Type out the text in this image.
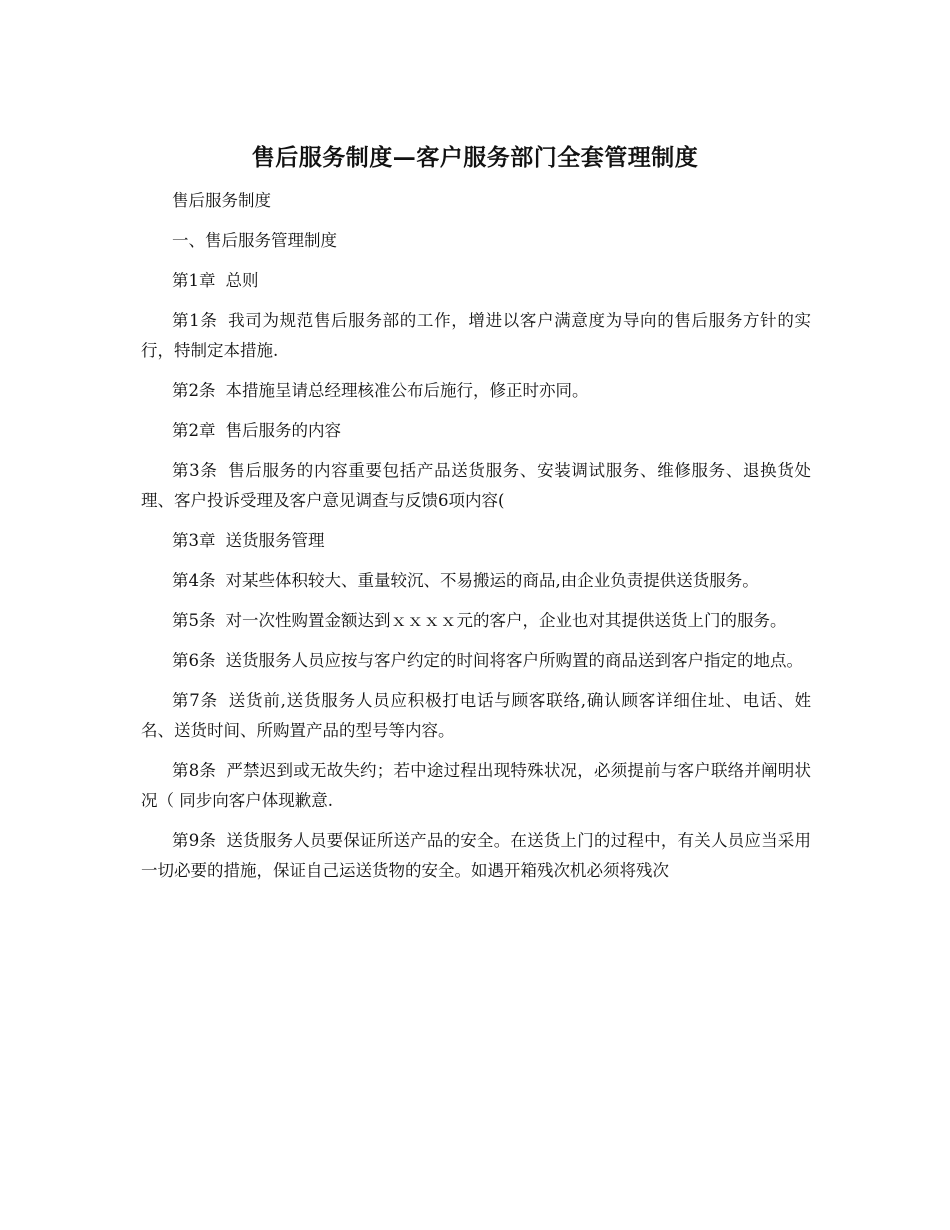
售后服务制度—客户服务部门全套管理制度

售后服务制度

一、售后服务管理制度

第1章 总则

第1条 我司为规范售后服务部的工作，增进以客户满意度为导向的售后服务方针的实行，特制定本措施.

第2条 本措施呈请总经理核准公布后施行，修正时亦同。

第2章 售后服务的内容

第3条 售后服务的内容重要包括产品送货服务、安装调试服务、维修服务、退换货处理、客户投诉受理及客户意见调查与反馈6项内容(

第3章 送货服务管理

第4条 对某些体积较大、重量较沉、不易搬运的商品,由企业负责提供送货服务。

第5条 对一次性购置金额达到ｘｘｘｘ元的客户，企业也对其提供送货上门的服务。

第6条 送货服务人员应按与客户约定的时间将客户所购置的商品送到客户指定的地点。

第7条 送货前,送货服务人员应积极打电话与顾客联络,确认顾客详细住址、电话、姓名、送货时间、所购置产品的型号等内容。

第8条 严禁迟到或无故失约；若中途过程出现特殊状况，必须提前与客户联络并阐明状况（ 同步向客户体现歉意.

第9条 送货服务人员要保证所送产品的安全。在送货上门的过程中，有关人员应当采用一切必要的措施，保证自己运送货物的安全。如遇开箱残次机必须将残次
